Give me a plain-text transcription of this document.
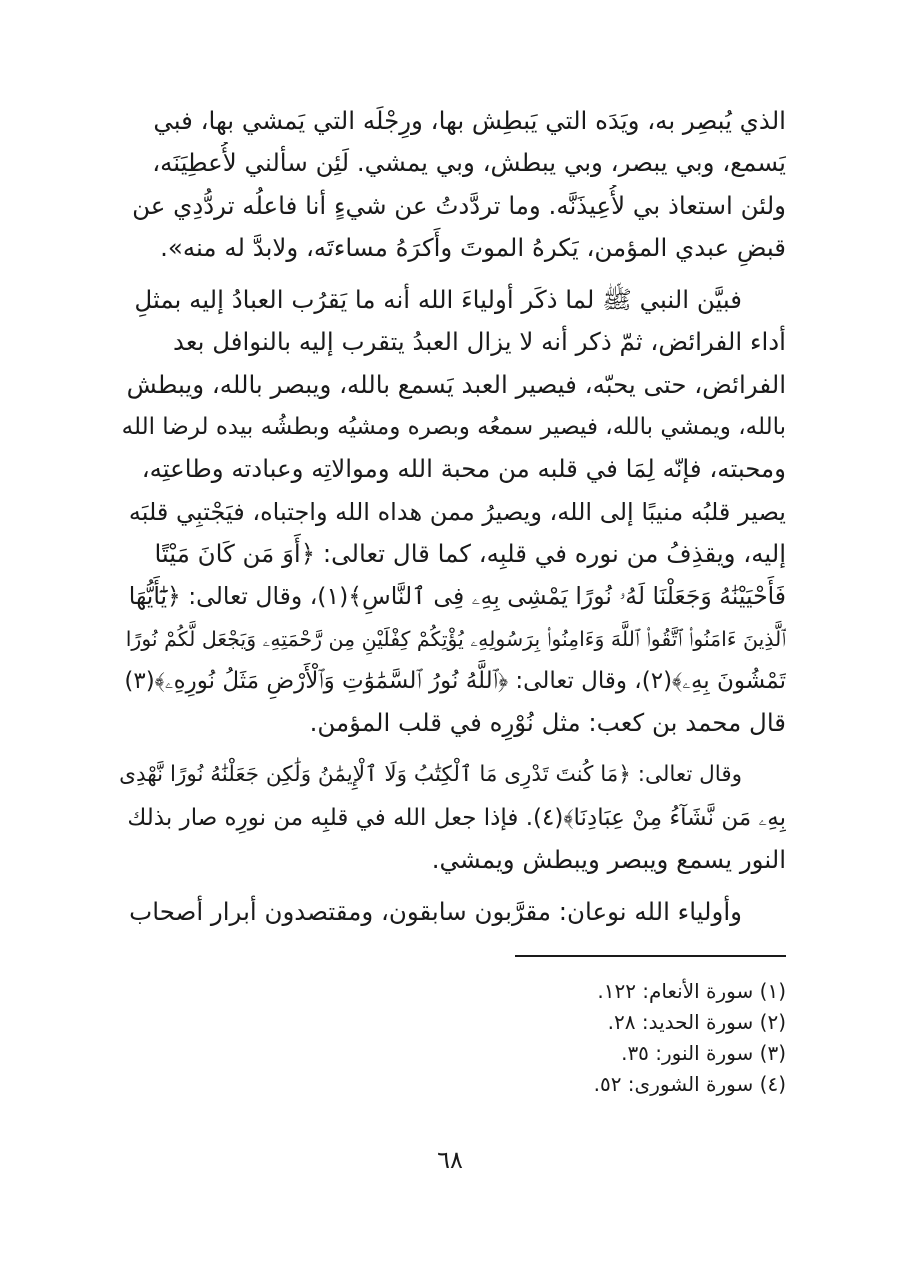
الذي يُبصِر به، ويَدَه التي يَبطِش بها، ورِجْلَه التي يَمشي بها، فبي
يَسمع، وبي يبصر، وبي يبطش، وبي يمشي. لَئِن سألني لأُعطِيَنَه،
ولئن استعاذ بي لأُعِيذَنَّه. وما تردَّدتُ عن شيءٍ أنا فاعلُه تردُّدِي عن
قبضِ عبدي المؤمن، يَكرهُ الموتَ وأَكرَهُ مساءتَه، ولابدَّ له منه».

فبيَّن النبي ﷺ لما ذكَر أولياءَ الله أنه ما يَقرُب العبادُ إليه بمثلِ
أداء الفرائض، ثمّ ذكر أنه لا يزال العبدُ يتقرب إليه بالنوافل بعد
الفرائض، حتى يحبّه، فيصير العبد يَسمع بالله، ويبصر بالله، ويبطش
بالله، ويمشي بالله، فيصير سمعُه وبصره ومشيُه وبطشُه بيده لرضا الله
ومحبته، فإنّه لِمَا في قلبه من محبة الله وموالاتِه وعبادته وطاعتِه،
يصير قلبُه منيبًا إلى الله، ويصيرُ ممن هداه الله واجتباه، فيَجْتبِي قلبَه
إليه، ويقذِفُ من نوره في قلبِه، كما قال تعالى: ﴿أَوَ مَن كَانَ مَيْتًا
فَأَحْيَيْنَٰهُ وَجَعَلْنَا لَهُۥ نُورًا يَمْشِى بِهِۦ فِى ٱلنَّاسِ﴾(١)، وقال تعالى: ﴿يَٰٓأَيُّهَا
ٱلَّذِينَ ءَامَنُوا۟ ٱتَّقُوا۟ ٱللَّهَ وَءَامِنُوا۟ بِرَسُولِهِۦ يُؤْتِكُمْ كِفْلَيْنِ مِن رَّحْمَتِهِۦ وَيَجْعَل لَّكُمْ نُورًا
تَمْشُونَ بِهِۦ﴾(٢)، وقال تعالى: ﴿ٱللَّهُ نُورُ ٱلسَّمَٰوَٰتِ وَٱلْأَرْضِ مَثَلُ نُورِهِۦ﴾(٣)
قال محمد بن كعب: مثل نُوْرِه في قلب المؤمن.

وقال تعالى: ﴿مَا كُنتَ تَدْرِى مَا ٱلْكِتَٰبُ وَلَا ٱلْإِيمَٰنُ وَلَٰكِن جَعَلْنَٰهُ نُورًا نَّهْدِى
بِهِۦ مَن نَّشَآءُ مِنْ عِبَادِنَا﴾(٤). فإذا جعل الله في قلبِه من نورِه صار بذلك
النور يسمع ويبصر ويبطش ويمشي.

وأولياء الله نوعان: مقرَّبون سابقون، ومقتصدون أبرار أصحاب

(١) سورة الأنعام: ١٢٢.
(٢) سورة الحديد: ٢٨.
(٣) سورة النور: ٣٥.
(٤) سورة الشورى: ٥٢.
٦٨
